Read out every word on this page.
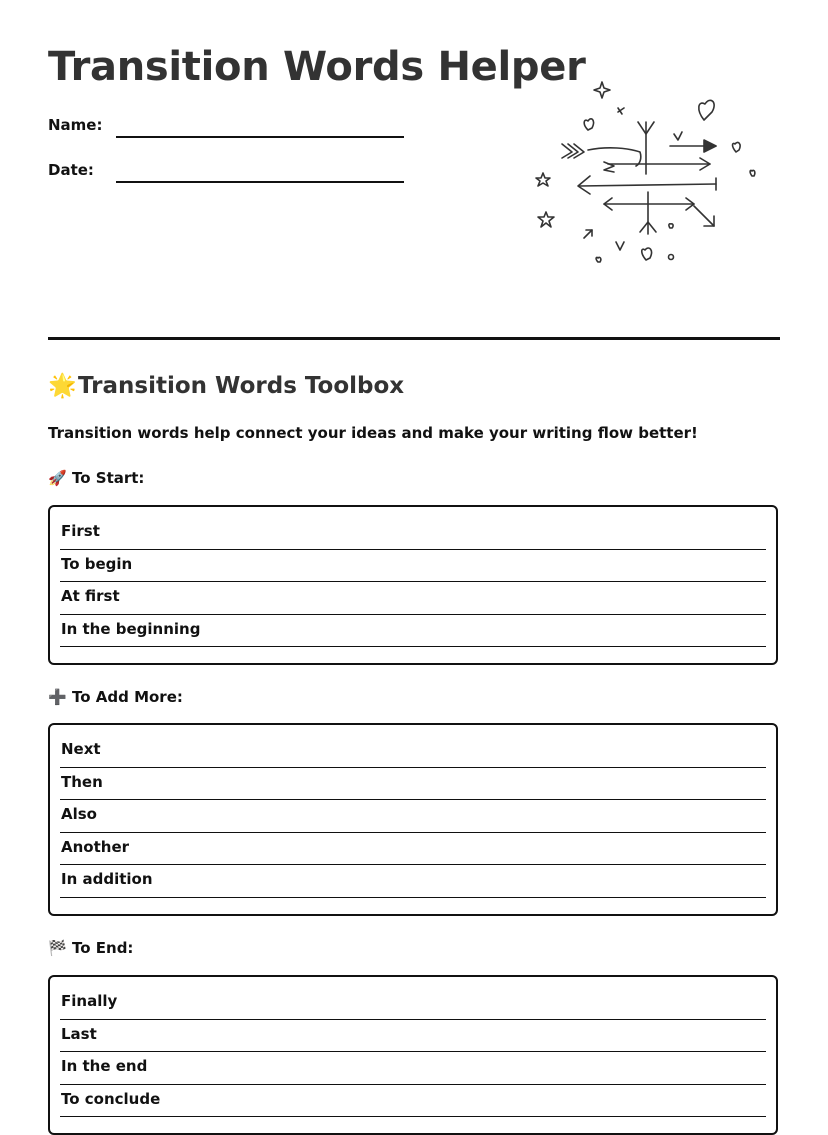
Transition Words Helper
Name:
Date:
🌟Transition Words Toolbox
Transition words help connect your ideas and make your writing flow better!
🚀 To Start:
First
To begin
At first
In the beginning
➕ To Add More:
Next
Then
Also
Another
In addition
🏁 To End:
Finally
Last
In the end
To conclude
